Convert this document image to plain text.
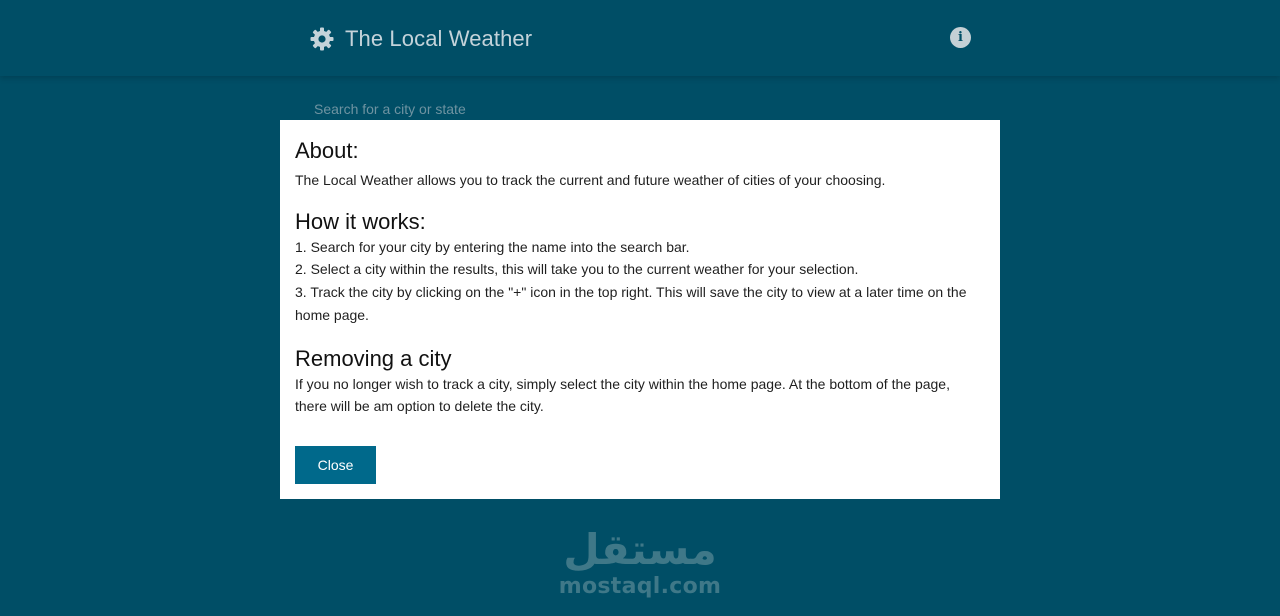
The Local Weather	i
Search for a city or state
About:

The Local Weather allows you to track the current and future weather of cities of your choosing.

How it works:

1. Search for your city by entering the name into the search bar.

2. Select a city within the results, this will take you to the current weather for your selection.

3. Track the city by clicking on the "+" icon in the top right. This will save the city to view at a later time on the home page.

Removing a city

If you no longer wish to track a city, simply select the city within the home page. At the bottom of the page, there will be am option to delete the city.

Close
مستقل
mostaql.com
